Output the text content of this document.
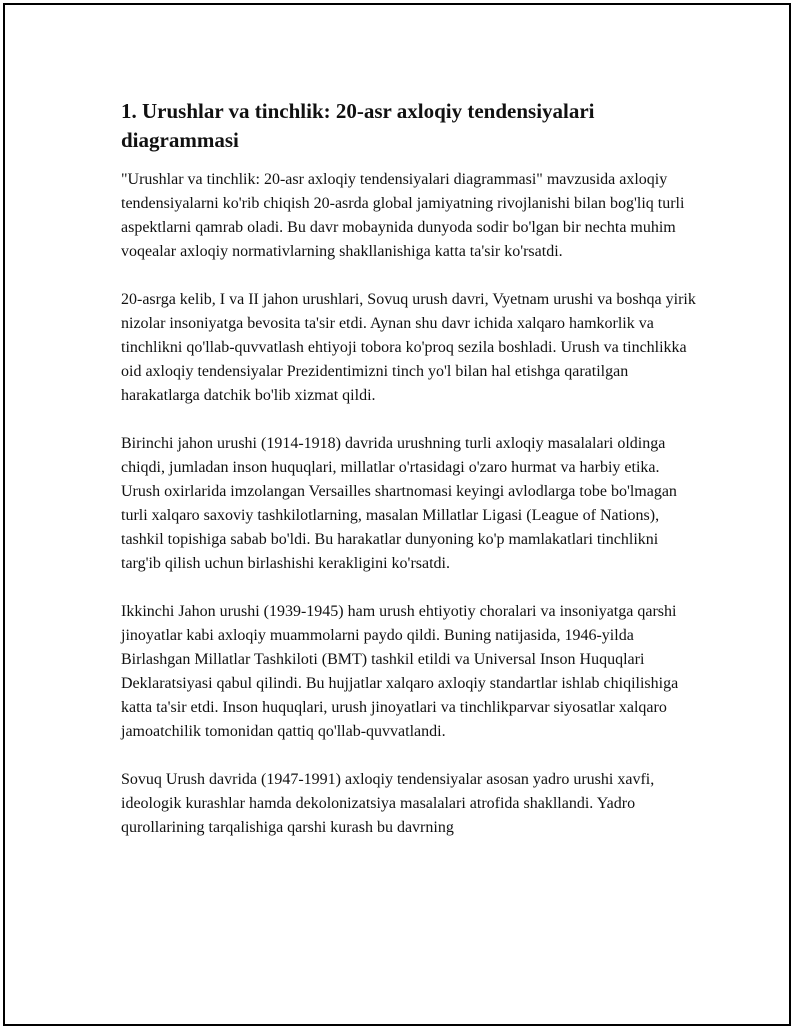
1. Urushlar va tinchlik: 20-asr axloqiy tendensiyalari diagrammasi

"Urushlar va tinchlik: 20-asr axloqiy tendensiyalari diagrammasi" mavzusida axloqiy tendensiyalarni ko'rib chiqish 20-asrda global jamiyatning rivojlanishi bilan bog'liq turli aspektlarni qamrab oladi. Bu davr mobaynida dunyoda sodir bo'lgan bir nechta muhim voqealar axloqiy normativlarning shakllanishiga katta ta'sir ko'rsatdi.

20-asrga kelib, I va II jahon urushlari, Sovuq urush davri, Vyetnam urushi va boshqa yirik nizolar insoniyatga bevosita ta'sir etdi. Aynan shu davr ichida xalqaro hamkorlik va tinchlikni qo'llab-quvvatlash ehtiyoji tobora ko'proq sezila boshladi. Urush va tinchlikka oid axloqiy tendensiyalar Prezidentimizni tinch yo'l bilan hal etishga qaratilgan harakatlarga datchik bo'lib xizmat qildi.

Birinchi jahon urushi (1914-1918) davrida urushning turli axloqiy masalalari oldinga chiqdi, jumladan inson huquqlari, millatlar o'rtasidagi o'zaro hurmat va harbiy etika. Urush oxirlarida imzolangan Versailles shartnomasi keyingi avlodlarga tobe bo'lmagan turli xalqaro saxoviy tashkilotlarning, masalan Millatlar Ligasi (League of Nations), tashkil topishiga sabab bo'ldi. Bu harakatlar dunyoning ko'p mamlakatlari tinchlikni targ'ib qilish uchun birlashishi kerakligini ko'rsatdi.

Ikkinchi Jahon urushi (1939-1945) ham urush ehtiyotiy choralari va insoniyatga qarshi jinoyatlar kabi axloqiy muammolarni paydo qildi. Buning natijasida, 1946-yilda Birlashgan Millatlar Tashkiloti (BMT) tashkil etildi va Universal Inson Huquqlari Deklaratsiyasi qabul qilindi. Bu hujjatlar xalqaro axloqiy standartlar ishlab chiqilishiga katta ta'sir etdi. Inson huquqlari, urush jinoyatlari va tinchlikparvar siyosatlar xalqaro jamoatchilik tomonidan qattiq qo'llab-quvvatlandi.

Sovuq Urush davrida (1947-1991) axloqiy tendensiyalar asosan yadro urushi xavfi, ideologik kurashlar hamda dekolonizatsiya masalalari atrofida shakllandi. Yadro qurollarining tarqalishiga qarshi kurash bu davrning
